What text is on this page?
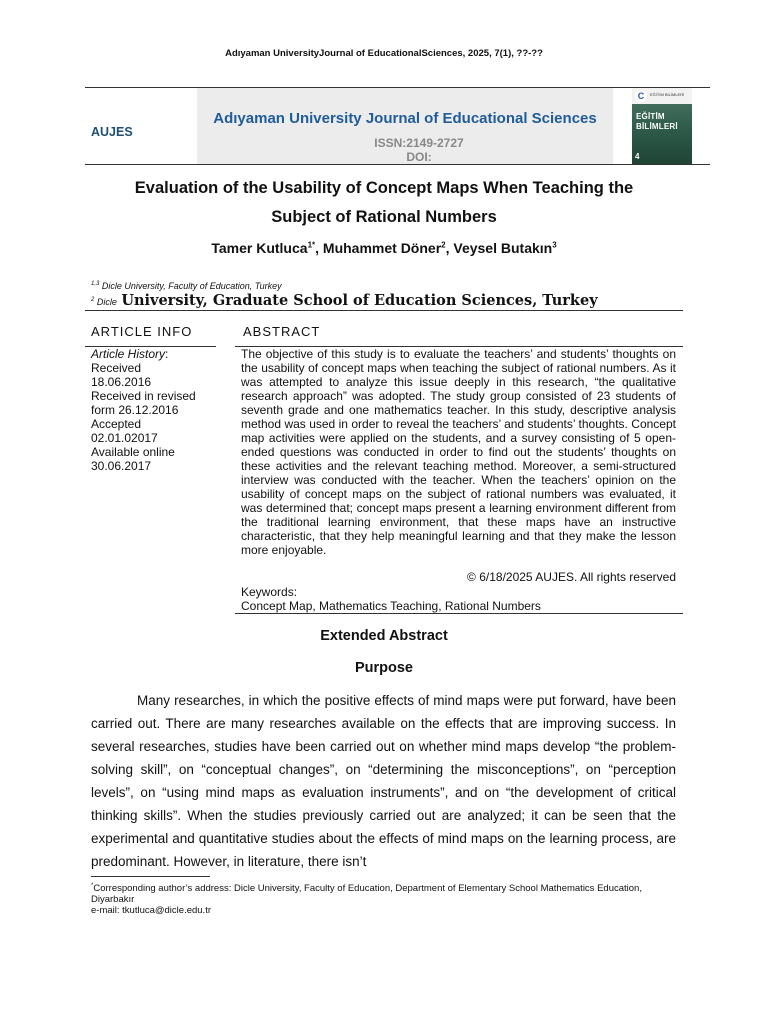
Adıyaman UniversityJournal of EducationalSciences, 2025, 7(1), ??-??
AUJES
Adıyaman University Journal of Educational Sciences
ISSN:2149-2727
DOI:
C	EĞİTİM BİLİMLERİ
EĞİTİM
BİLİMLERİ
4
Evaluation of the Usability of Concept Maps When Teaching the
Subject of Rational Numbers
Tamer Kutluca$^{1*}$, Muhammet Döner$^2$, Veysel Butakın$^3$
$^{1,3}$ Dicle University, Faculty of Education, Turkey
$^2$ Dicle University, Graduate School of Education Sciences, Turkey
ARTICLE INFO
Article History:
Received
18.06.2016
Received in revised
form 26.12.2016
Accepted
02.01.02017
Available online
30.06.2017
ABSTRACT
The objective of this study is to evaluate the teachers’ and students’ thoughts on the usability of concept maps when teaching the subject of rational numbers. As it was attempted to analyze this issue deeply in this research, “the qualitative research approach” was adopted. The study group consisted of 23 students of seventh grade and one mathematics teacher. In this study, descriptive analysis method was used in order to reveal the teachers’ and students’ thoughts. Concept map activities were applied on the students, and a survey consisting of 5 open-ended questions was conducted in order to find out the students’ thoughts on these activities and the relevant teaching method. Moreover, a semi-structured interview was conducted with the teacher. When the teachers’ opinion on the usability of concept maps on the subject of rational numbers was evaluated, it was determined that; concept maps present a learning environment different from the traditional learning environment, that these maps have an instructive characteristic, that they help meaningful learning and that they make the lesson more enjoyable.
© 6/18/2025 AUJES. All rights reserved
Keywords:
Concept Map, Mathematics Teaching, Rational Numbers
Extended Abstract
Purpose
Many researches, in which the positive effects of mind maps were put forward, have been carried out. There are many researches available on the effects that are improving success. In several researches, studies have been carried out on whether mind maps develop “the problem-solving skill”, on “conceptual changes”, on “determining the misconceptions”, on “perception levels”, on “using mind maps as evaluation instruments”, and on “the development of critical thinking skills”. When the studies previously carried out are analyzed; it can be seen that the experimental and quantitative studies about the effects of mind maps on the learning process, are predominant. However, in literature, there isn’t
*Corresponding author’s address: Dicle University, Faculty of Education, Department of Elementary School Mathematics Education, Diyarbakır
e-mail: tkutluca@dicle.edu.tr
